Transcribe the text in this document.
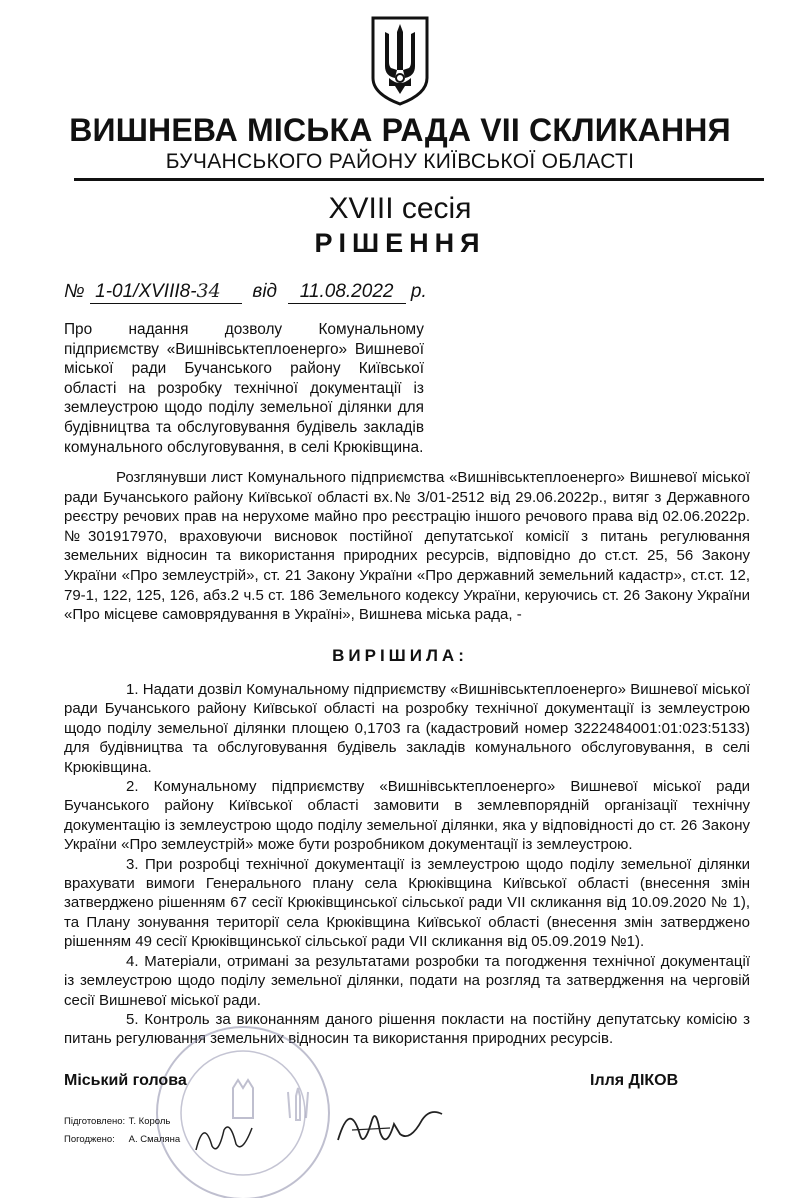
ВИШНЕВА МІСЬКА РАДА VII СКЛИКАННЯ
БУЧАНСЬКОГО РАЙОНУ КИЇВСЬКОЇ ОБЛАСТІ
XVIII сесія
РІШЕННЯ
№ 1-01/XVIII8-34 від 11.08.2022 р.
Про надання дозволу Комунальному підприємству «Вишнівськтеплоенерго» Вишневої міської ради Бучанського району Київської області на розробку технічної документації із землеустрою щодо поділу земельної ділянки для будівництва та обслуговування будівель закладів комунального обслуговування, в селі Крюківщина.
Розглянувши лист Комунального підприємства «Вишнівськтеплоенерго» Вишневої міської ради Бучанського району Київської області вх.№ 3/01-2512 від 29.06.2022р., витяг з Державного реєстру речових прав на нерухоме майно про реєстрацію іншого речового права від 02.06.2022р. №301917970, враховуючи висновок постійної депутатської комісії з питань регулювання земельних відносин та використання природних ресурсів, відповідно до ст.ст. 25, 56 Закону України «Про землеустрій», ст. 21 Закону України «Про державний земельний кадастр», ст.ст. 12, 79-1, 122, 125, 126, абз.2 ч.5 ст. 186 Земельного кодексу України, керуючись ст. 26 Закону України «Про місцеве самоврядування в Україні», Вишнева міська рада, -
ВИРІШИЛА:

1. Надати дозвіл Комунальному підприємству «Вишнівськтеплоенерго» Вишневої міської ради Бучанського району Київської області на розробку технічної документації із землеустрою щодо поділу земельної ділянки площею 0,1703 га (кадастровий номер 3222484001:01:023:5133) для будівництва та обслуговування будівель закладів комунального обслуговування, в селі Крюківщина.

2. Комунальному підприємству «Вишнівськтеплоенерго» Вишневої міської ради Бучанського району Київської області замовити в землевпорядній організації технічну документацію із землеустрою щодо поділу земельної ділянки, яка у відповідності до ст. 26 Закону України «Про землеустрій» може бути розробником документації із землеустрою.

3. При розробці технічної документації із землеустрою щодо поділу земельної ділянки врахувати вимоги Генерального плану села Крюківщина Київської області (внесення змін затверджено рішенням 67 сесії Крюківщинської сільської ради VII скликання від 10.09.2020 № 1), та Плану зонування території села Крюківщина Київської області (внесення змін затверджено рішенням 49 сесії Крюківщинської сільської ради VII скликання від 05.09.2019 №1).

4. Матеріали, отримані за результатами розробки та погодження технічної документації із землеустрою щодо поділу земельної ділянки, подати на розгляд та затвердження на черговій сесії Вишневої міської ради.

5. Контроль за виконанням даного рішення покласти на постійну депутатську комісію з питань регулювання земельних відносин та використання природних ресурсів.

Міський голова	Ілля ДІКОВ
Підготовлено: Т. Король
Погоджено: А. Смалянa
